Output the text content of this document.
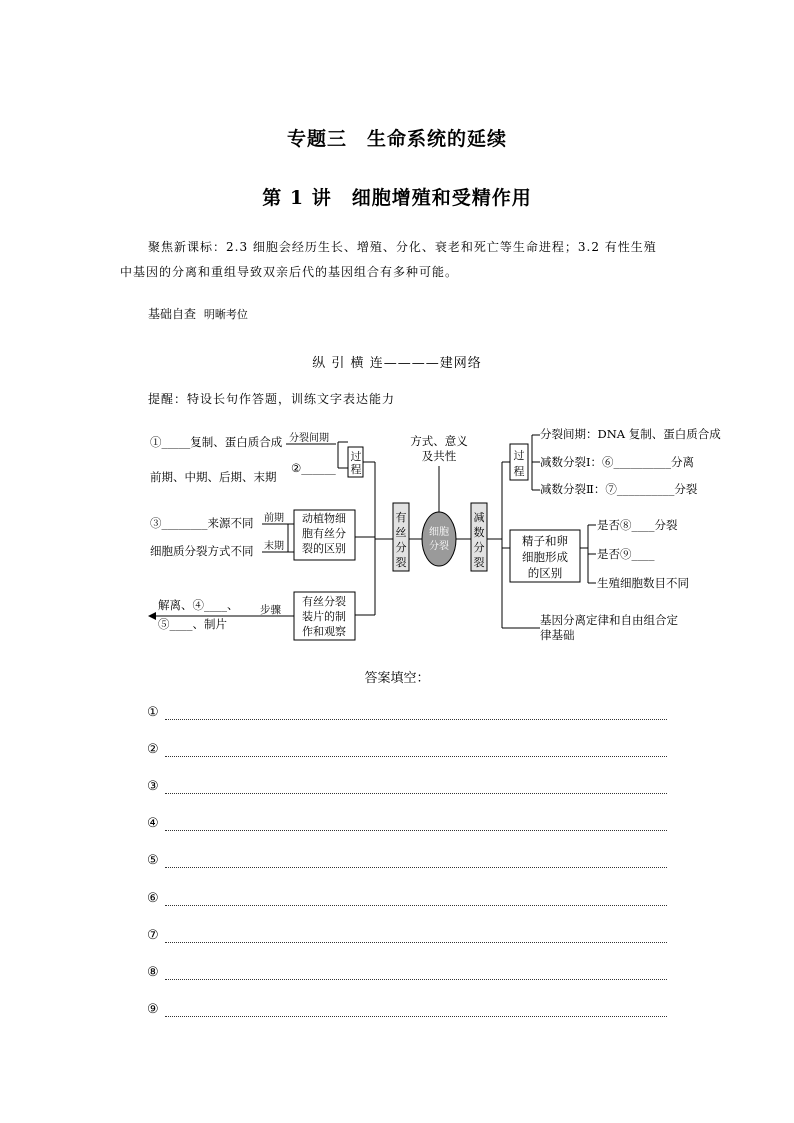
专题三　生命系统的延续
第 1 讲　细胞增殖和受精作用
聚焦新课标：2.3 细胞会经历生长、增殖、分化、衰老和死亡等生命进程；3.2 有性生殖
中基因的分离和重组导致双亲后代的基因组合有多种可能。
基础自查 明晰考位
纵 引 横 连————建网络
提醒：特设长句作答题，训练文字表达能力
细胞分裂
方式、意义及共性
有丝分裂
减数分裂
过程
过程
①_____复制、蛋白质合成 分裂间期
前期、中期、后期、末期
②______
动植物细胞有丝分裂的区别
③________来源不同 前期
细胞质分裂方式不同 末期
有丝分裂装片的制作和观察
步骤
解离、④____、
⑤____、制片
分裂间期：DNA 复制、蛋白质合成
减数分裂Ⅰ：⑥__________分离
减数分裂Ⅱ：⑦__________分裂
精子和卵细胞形成的区别
是否⑧____分裂
是否⑨____
生殖细胞数目不同
基因分离定律和自由组合定律基础
答案填空：
①
②
③
④
⑤
⑥
⑦
⑧
⑨
